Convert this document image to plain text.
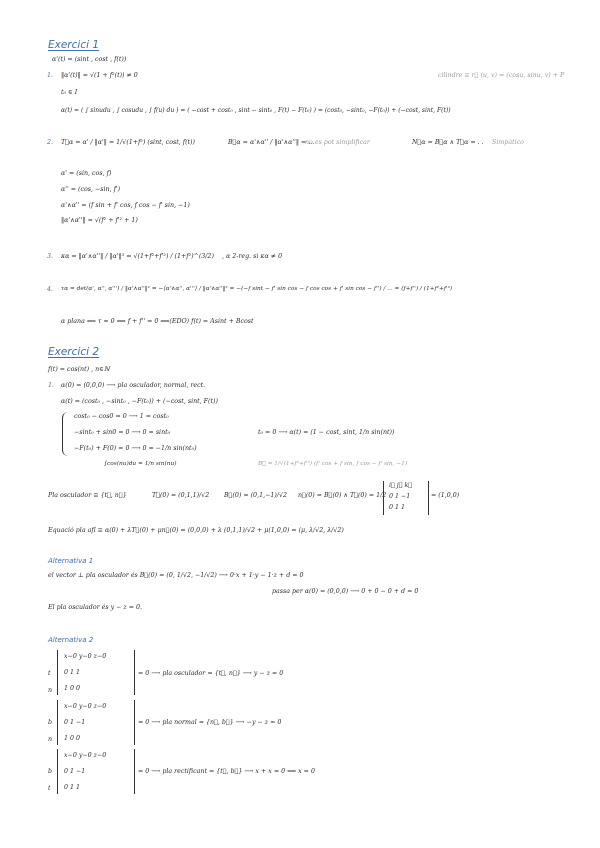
Exercici 1
α'(t) = (sint , cost , f(t))
1. ‖α'(t)‖ = √(1 + f²(t)) ≠ 0	cilindre ≡ r⃗ (u, v) = (cosu, sinu, v) + P
t₀ ∈ I
α(t) = ( ∫ sinudu , ∫ cosudu , ∫ f(u) du ) = ( −cost + cost₀ , sint − sint₀ , F(t) − F(t₀) ) = (cost₀, −sint₀, −F(t₀)) + (−cost, sint, F(t))
2. T⃗α = α' / ‖α'‖ = 1/√(1+f²) (sint, cost, f(t))	B⃗α = α'∧α'' / ‖α'∧α''‖ = ...
no es pot simplificar	N⃗α = B⃗α ∧ T⃗α = . . Simpàtico
α' = (sin, cos, f)
α'' = (cos, −sin, f')
α'∧α'' = (f sin + f' cos, f cos − f' sin, −1)
‖α'∧α''‖ = √(f² + f'² + 1)
3. κα = ‖α'∧α''‖ / ‖α'‖³ = √(1+f²+f'²) / (1+f²)^(3/2) , α 2-reg. si κα ≠ 0
4. τα = det(α', α'', α''') / ‖α'∧α''‖² = −⟨α'∧α'', α'''⟩ / ‖α'∧α''‖² = −(−f sint − f' sin cos − f cos cos + f' sin cos − f'') / ... = (f+f'') / (1+f²+f'²)
α plana ⟺ τ = 0 ⟺ f + f'' = 0 ⟹(EDO) f(t) = Asint + Bcost
Exercici 2
f(t) = cos(nt) , n∈ℕ
1. α(0) = (0,0,0) ⟶ pla osculador, normal, rect.
α(t) = (cost₀ , −sint₀ , −F(t₀)) + (−cost, sint, F(t))
cost₀ − cos0 = 0 ⟶ 1 = cost₀
−sint₀ + sin0 = 0 ⟶ 0 = sint₀
−F(t₀) + F(0) = 0 ⟶ 0 = −1/n sin(nt₀)
∫cos(nu)du = 1/n sin(nu)
t₀ = 0 ⟶ α(t) = (1 − cost, sint, 1/n sin(nt))
B⃗ = 1/√(1+f²+f'²) (f' cos + f sin, f cos − f' sin, −1)
Pla osculador ≡ {t⃗, n⃗}	T⃗(0) = (0,1,1)/√2 B⃗(0) = (0,1,−1)/√2 n⃗(0) = B⃗(0) ∧ T⃗(0) = 1/2
i⃗ j⃗ k⃗
0 1 −1
0 1 1
= (1,0,0)
Equació pla afí ≡ α(0) + λT⃗(0) + μn⃗(0) = (0,0,0) + λ (0,1,1)/√2 + μ(1,0,0) = (μ, λ/√2, λ/√2)
Alternativa 1
el vector ⊥ pla osculador és B⃗(0) = (0, 1/√2, −1/√2) ⟶ 0·x + 1·y − 1·z + d = 0
passa per α(0) = (0,0,0) ⟶ 0 + 0 − 0 + d = 0
El pla osculador és y − z = 0.
Alternativa 2
t
n
x−0 y−0 z−0
0 1 1
1 0 0
= 0 ⟶ pla osculador = {t⃗, n⃗} ⟶ y − z = 0
b
n
x−0 y−0 z−0
0 1 −1
1 0 0
= 0 ⟶ pla normal = {n⃗, b⃗} ⟶ −y − z = 0
b
t
x−0 y−0 z−0
0 1 −1
0 1 1
= 0 ⟶ pla rectificant = {t⃗, b⃗} ⟶ x + x = 0 ⟹ x = 0
